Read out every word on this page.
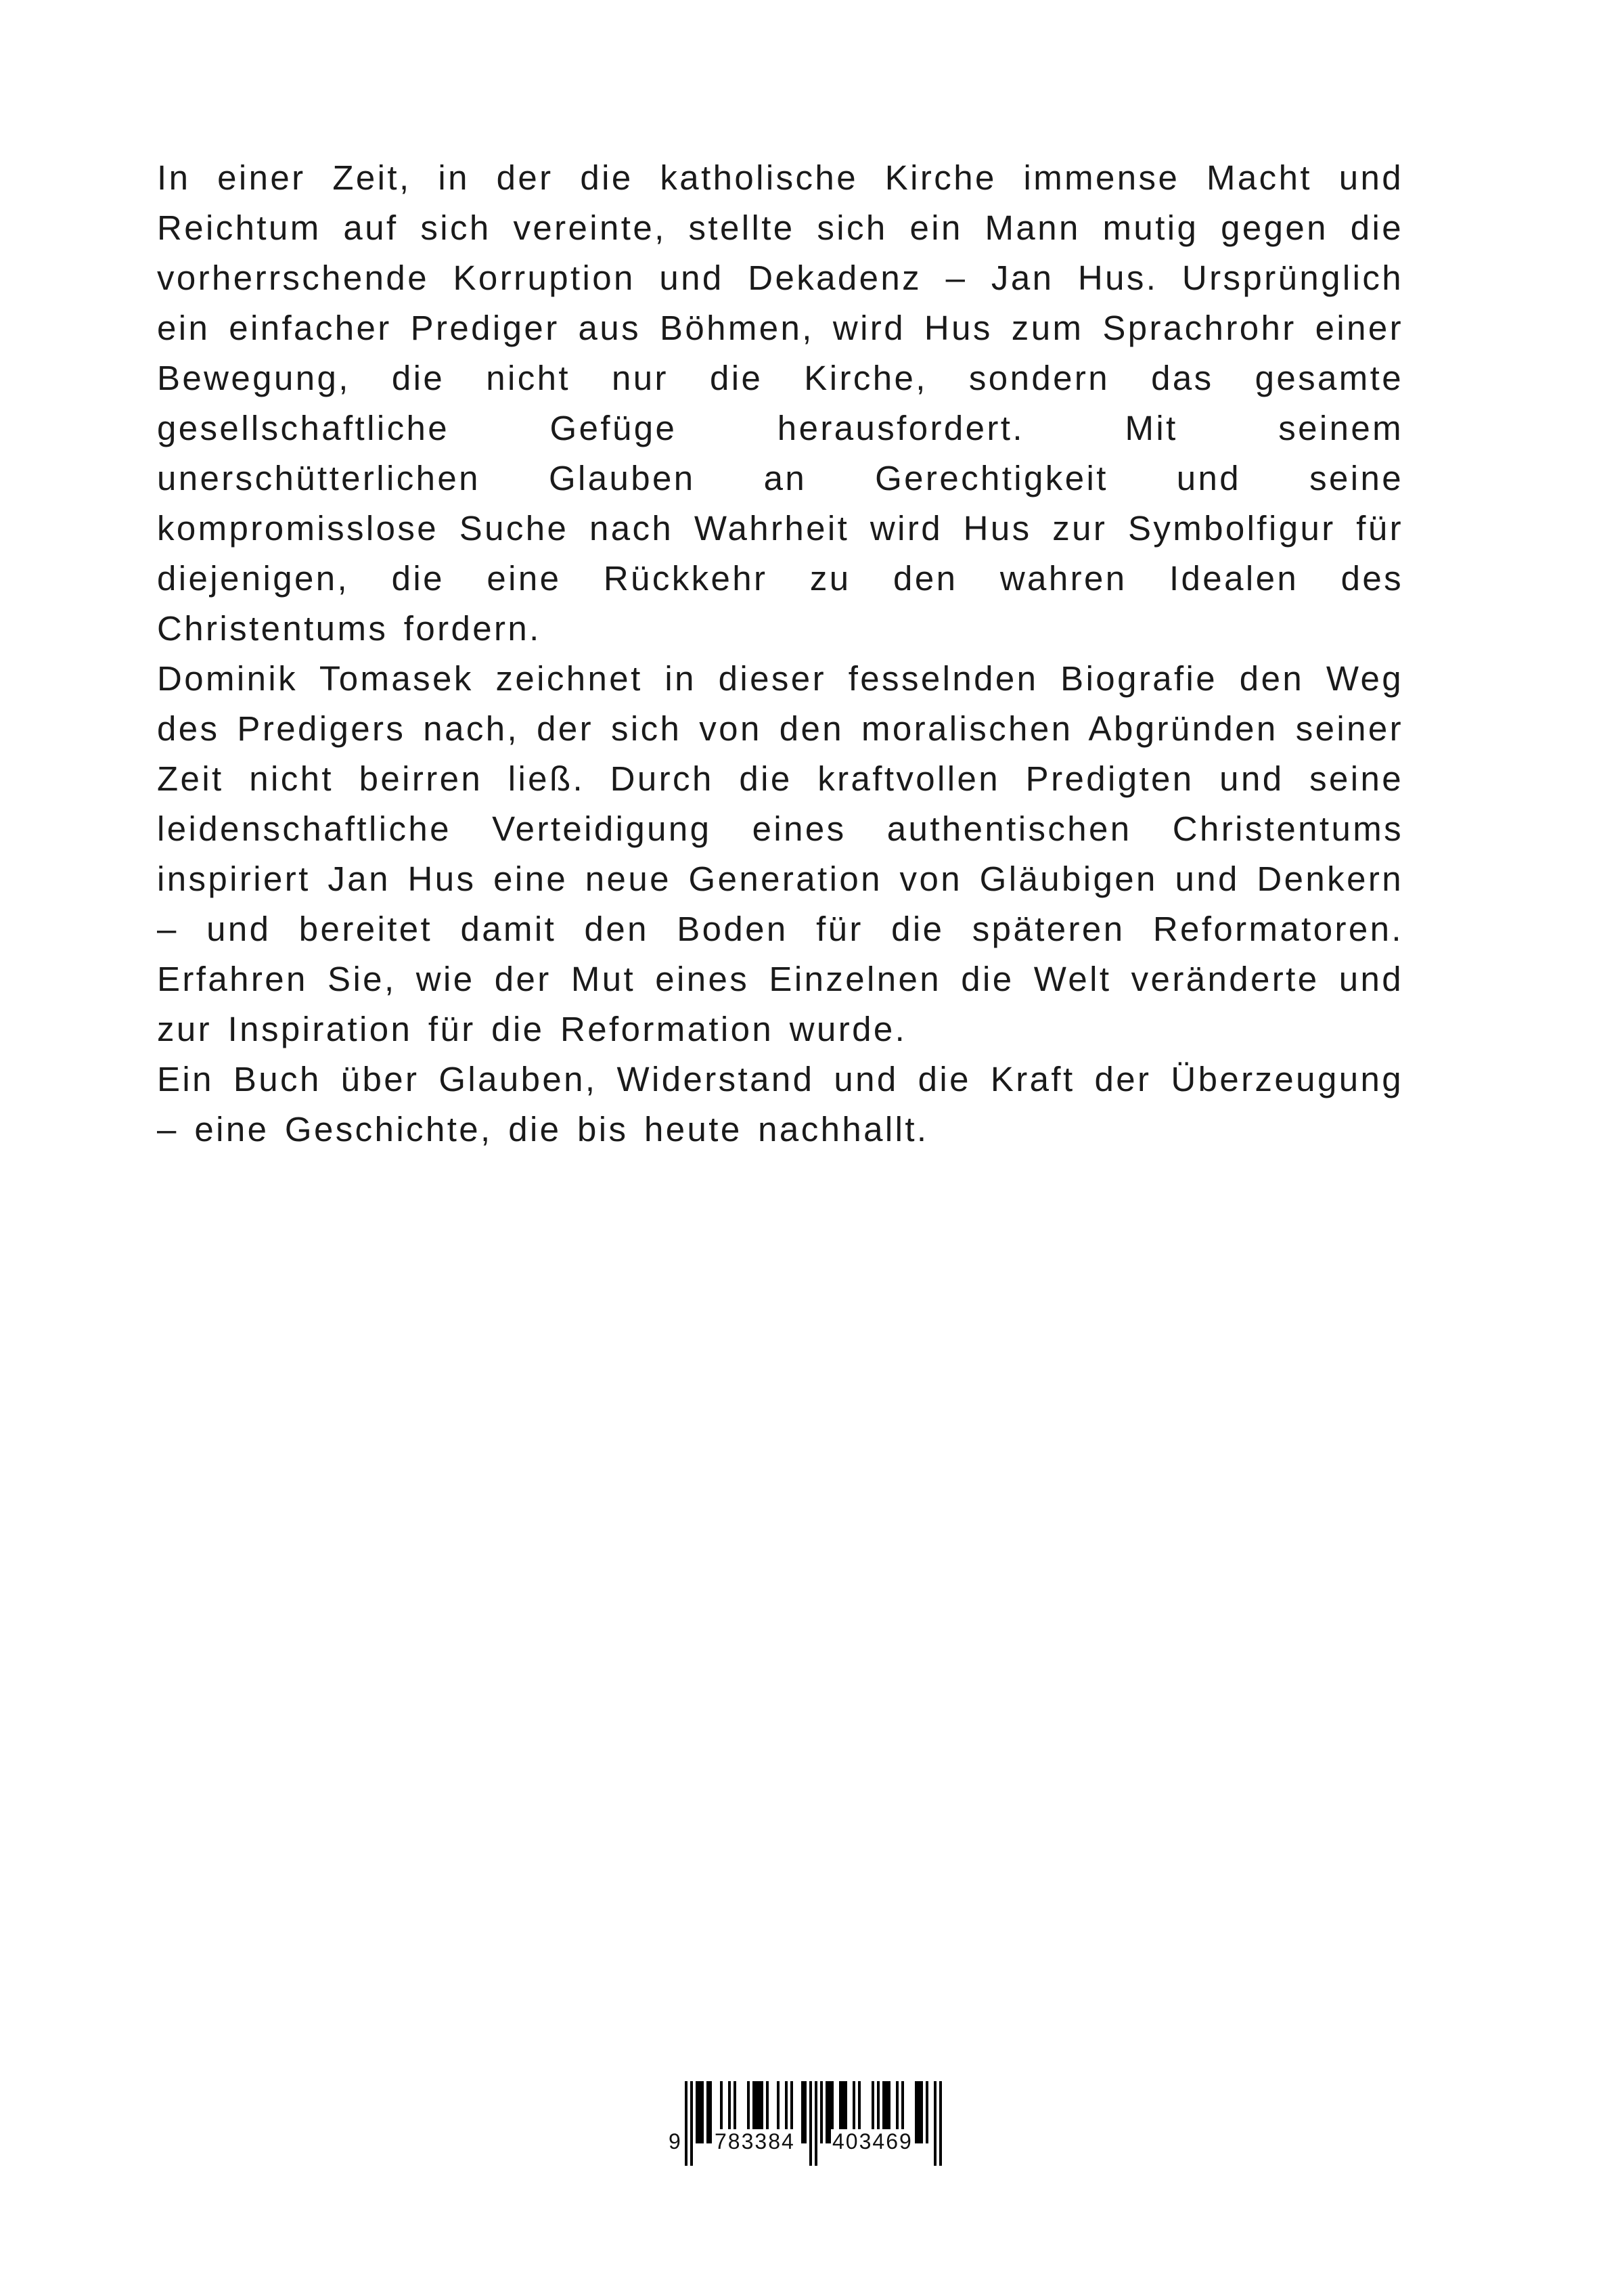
In einer Zeit, in der die katholische Kirche immense Macht und Reichtum auf sich vereinte, stellte sich ein Mann mutig gegen die vorherrschende Korruption und Dekadenz – Jan Hus. Ursprünglich ein einfacher Prediger aus Böhmen, wird Hus zum Sprachrohr einer Bewegung, die nicht nur die Kirche, sondern das gesamte gesellschaftliche Gefüge herausfordert. Mit seinem unerschütterlichen Glauben an Gerechtigkeit und seine kompromisslose Suche nach Wahrheit wird Hus zur Symbolfigur für diejenigen, die eine Rückkehr zu den wahren Idealen des Christentums fordern.

Dominik Tomasek zeichnet in dieser fesselnden Biografie den Weg des Predigers nach, der sich von den moralischen Abgründen seiner Zeit nicht beirren ließ. Durch die kraftvollen Predigten und seine leidenschaftliche Verteidigung eines authentischen Christentums inspiriert Jan Hus eine neue Generation von Gläubigen und Denkern – und bereitet damit den Boden für die späteren Reformatoren. Erfahren Sie, wie der Mut eines Einzelnen die Welt veränderte und zur Inspiration für die Reformation wurde.

Ein Buch über Glauben, Widerstand und die Kraft der Überzeugung – eine Geschichte, die bis heute nachhallt.

9 783384 403469
